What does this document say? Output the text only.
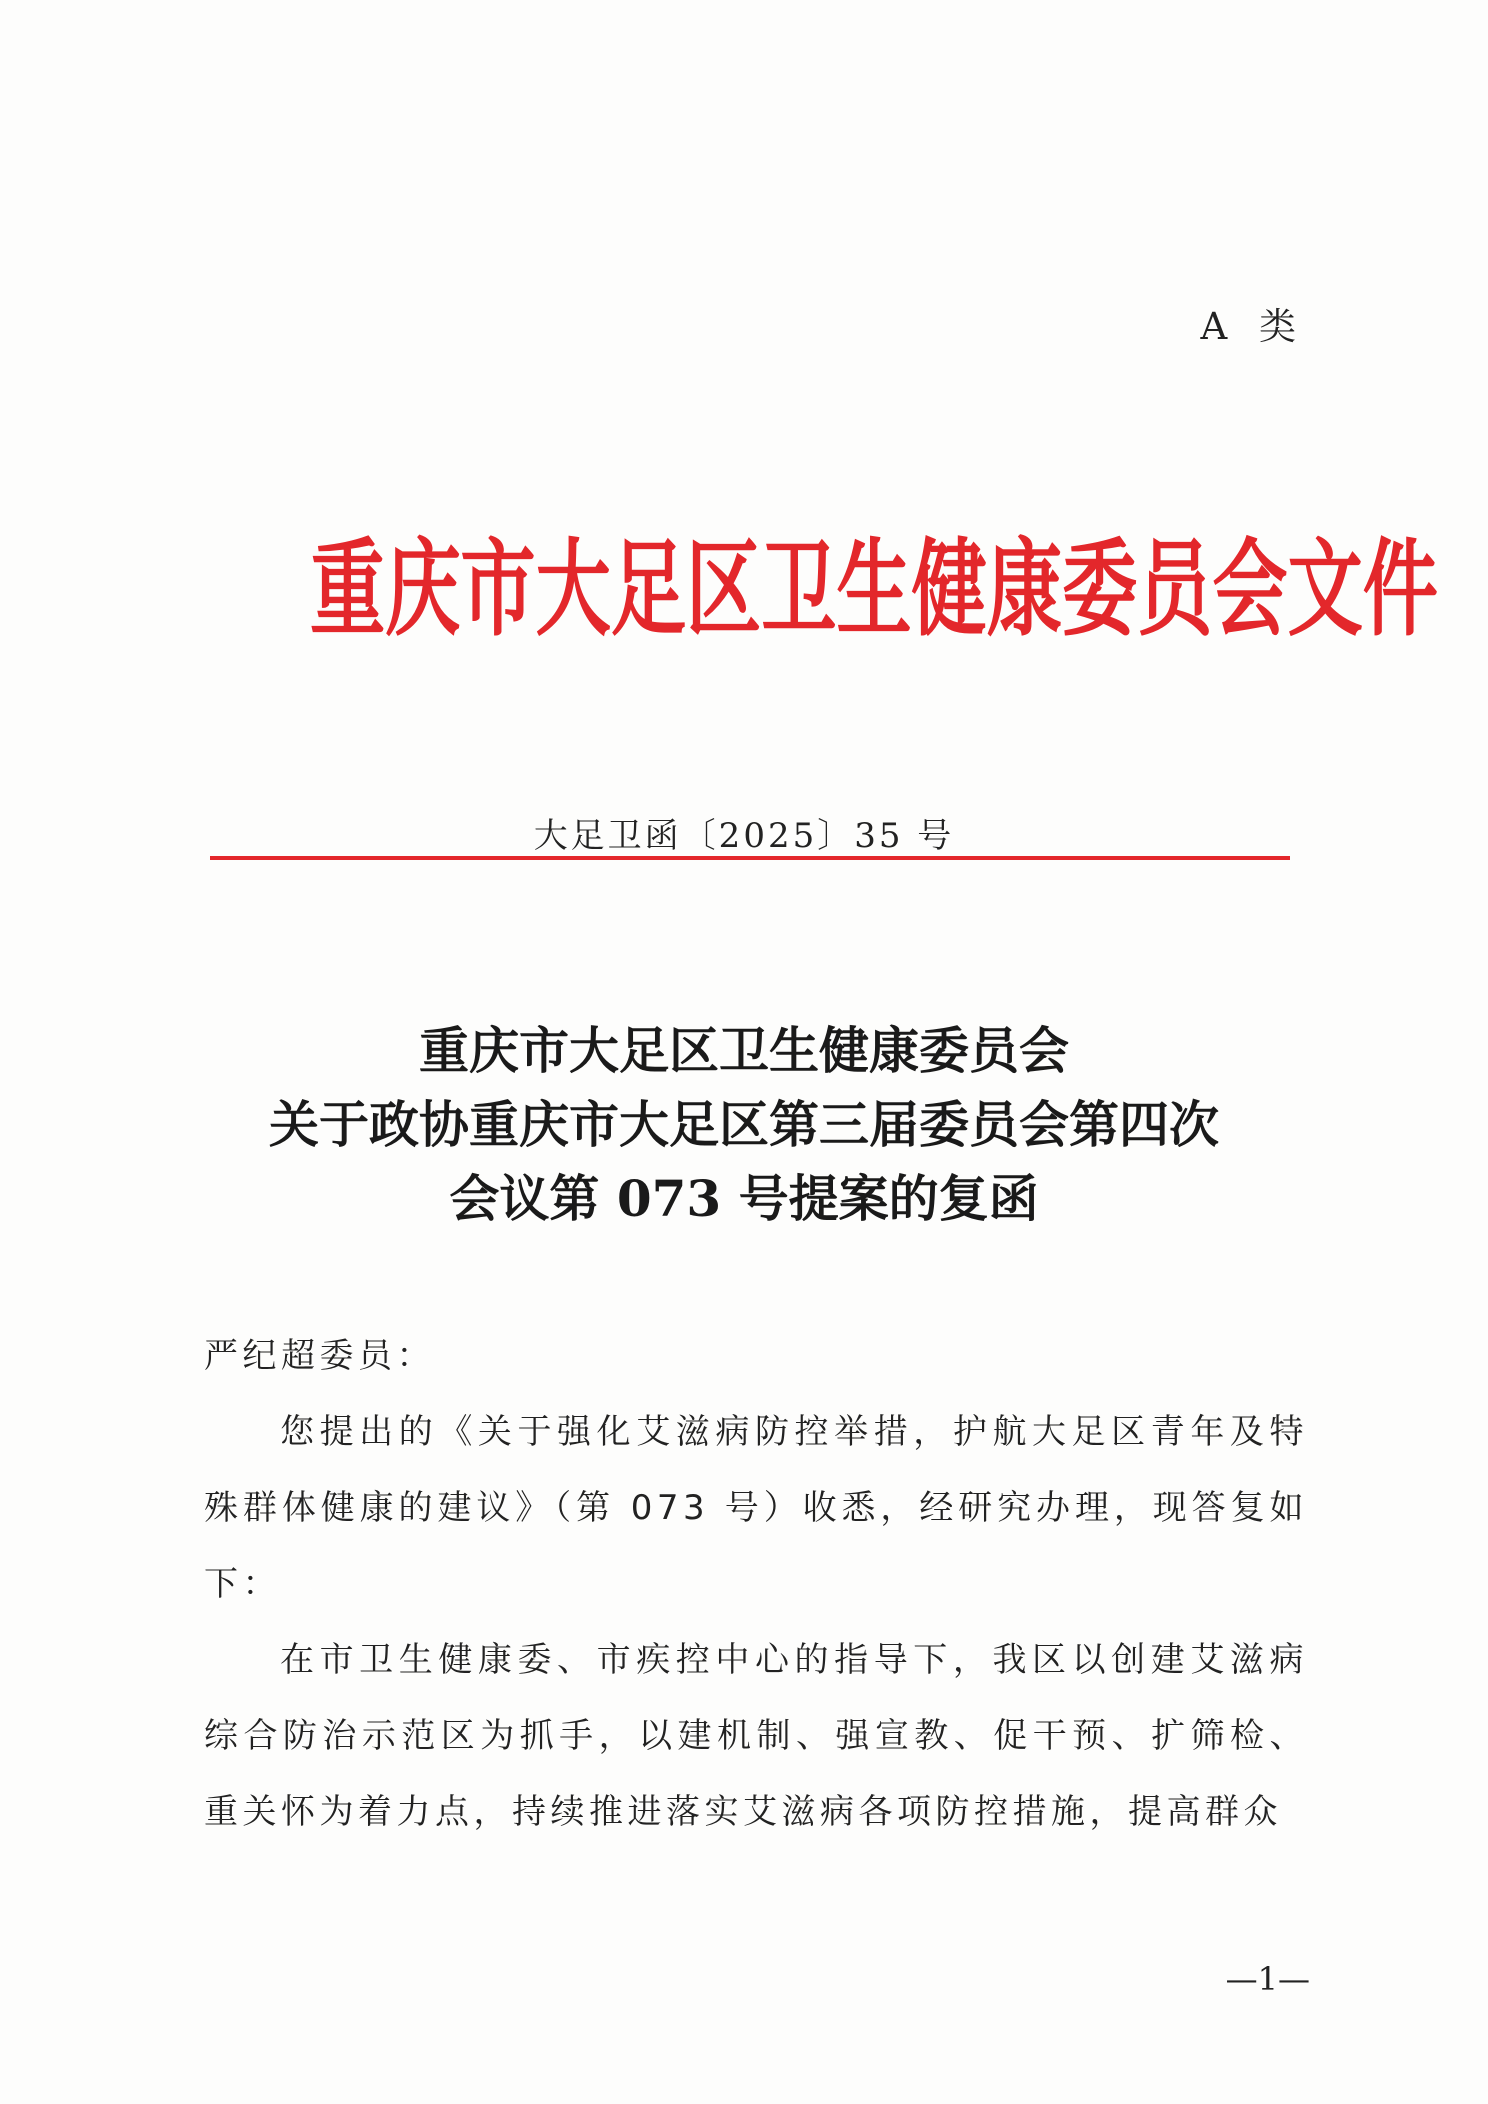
A 类
重庆市大足区卫生健康委员会文件
大足卫函〔2025〕35 号
重庆市大足区卫生健康委员会
关于政协重庆市大足区第三届委员会第四次
会议第 073 号提案的复函

严纪超委员：

您提出的《关于强化艾滋病防控举措，护航大足区青年及特殊群体健康的建议》（第 073 号）收悉，经研究办理，现答复如下：

在市卫生健康委、市疾控中心的指导下，我区以创建艾滋病综合防治示范区为抓手，以建机制、强宣教、促干预、扩筛检、重关怀为着力点，持续推进落实艾滋病各项防控措施，提高群众

—1—
